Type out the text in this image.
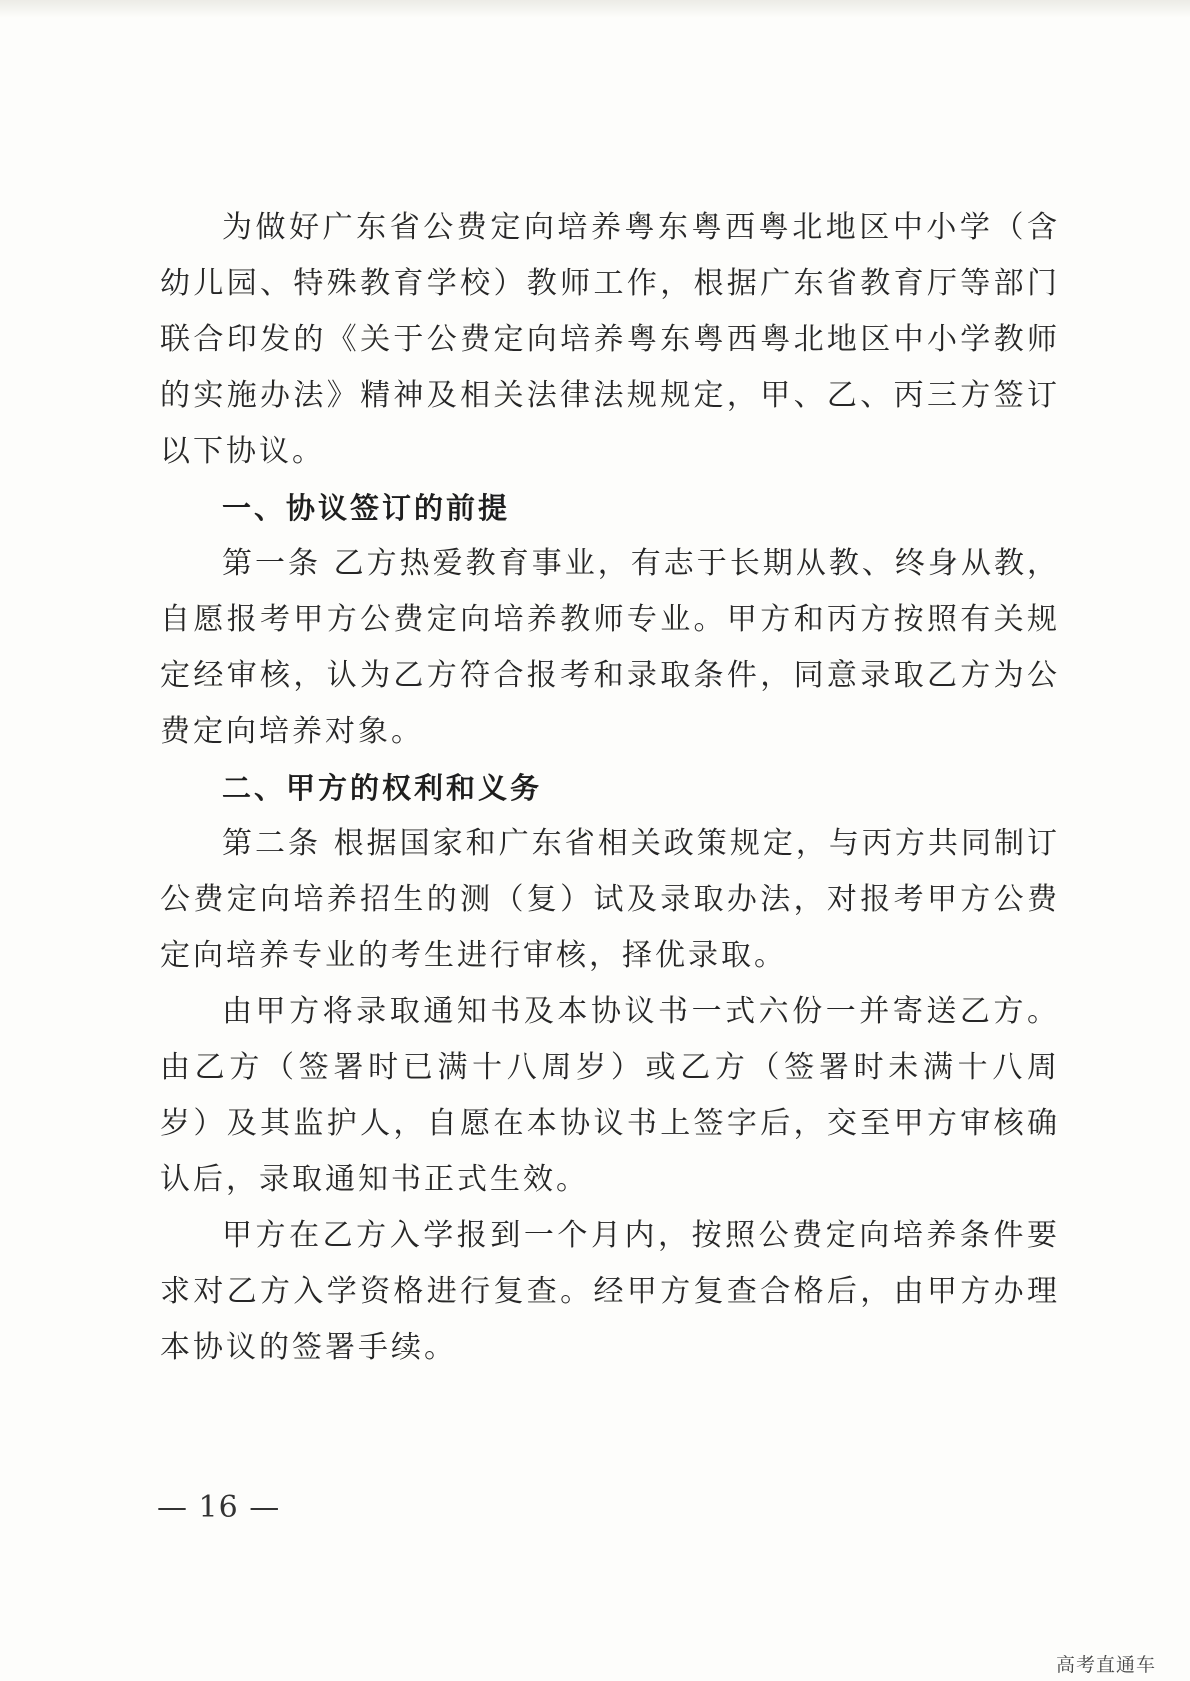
为做好广东省公费定向培养粤东粤西粤北地区中小学（含幼儿园、特殊教育学校）教师工作，根据广东省教育厅等部门联合印发的《关于公费定向培养粤东粤西粤北地区中小学教师的实施办法》精神及相关法律法规规定，甲、乙、丙三方签订以下协议。

一、协议签订的前提

第一条 乙方热爱教育事业，有志于长期从教、终身从教，自愿报考甲方公费定向培养教师专业。甲方和丙方按照有关规定经审核，认为乙方符合报考和录取条件，同意录取乙方为公费定向培养对象。

二、甲方的权利和义务

第二条 根据国家和广东省相关政策规定，与丙方共同制订公费定向培养招生的测（复）试及录取办法，对报考甲方公费定向培养专业的考生进行审核，择优录取。

由甲方将录取通知书及本协议书一式六份一并寄送乙方。由乙方（签署时已满十八周岁）或乙方（签署时未满十八周岁）及其监护人，自愿在本协议书上签字后，交至甲方审核确认后，录取通知书正式生效。

甲方在乙方入学报到一个月内，按照公费定向培养条件要求对乙方入学资格进行复查。经甲方复查合格后，由甲方办理本协议的签署手续。

— 16 —
高考直通车
